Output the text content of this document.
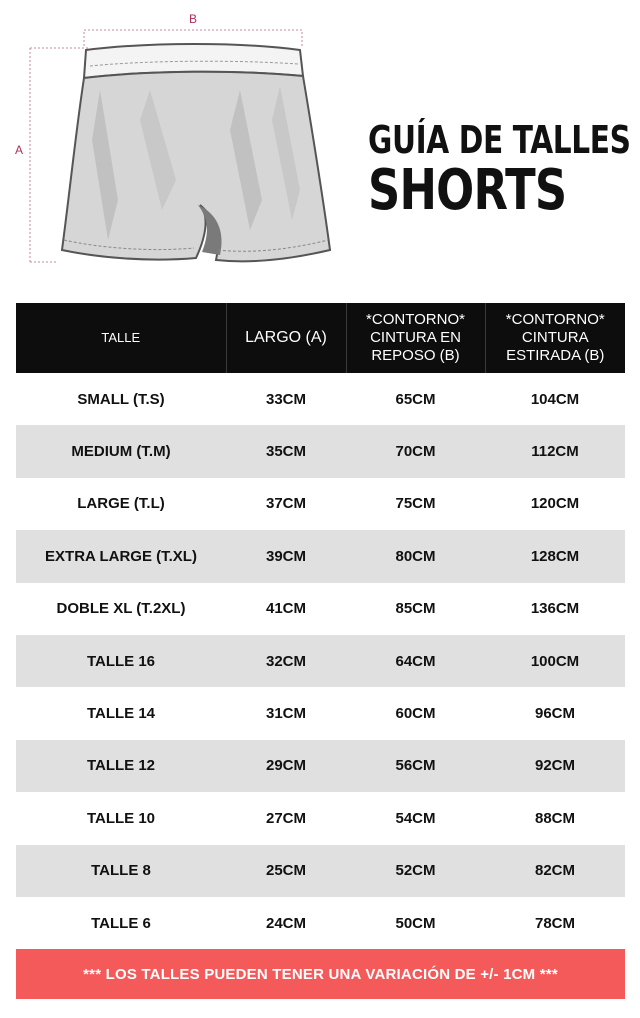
B
A	GUÍA DE TALLES
SHORTS
TALLE	LARGO (A)	*CONTORNO* CINTURA EN REPOSO (B)	*CONTORNO* CINTURA ESTIRADA (B)
SMALL (T.S)	33CM	65CM	104CM
MEDIUM (T.M)	35CM	70CM	112CM
LARGE (T.L)	37CM	75CM	120CM
EXTRA LARGE (T.XL)	39CM	80CM	128CM
DOBLE XL (T.2XL)	41CM	85CM	136CM
TALLE 16	32CM	64CM	100CM
TALLE 14	31CM	60CM	96CM
TALLE 12	29CM	56CM	92CM
TALLE 10	27CM	54CM	88CM
TALLE 8	25CM	52CM	82CM
TALLE 6	24CM	50CM	78CM
*** LOS TALLES PUEDEN TENER UNA VARIACIÓN DE +/- 1CM ***
